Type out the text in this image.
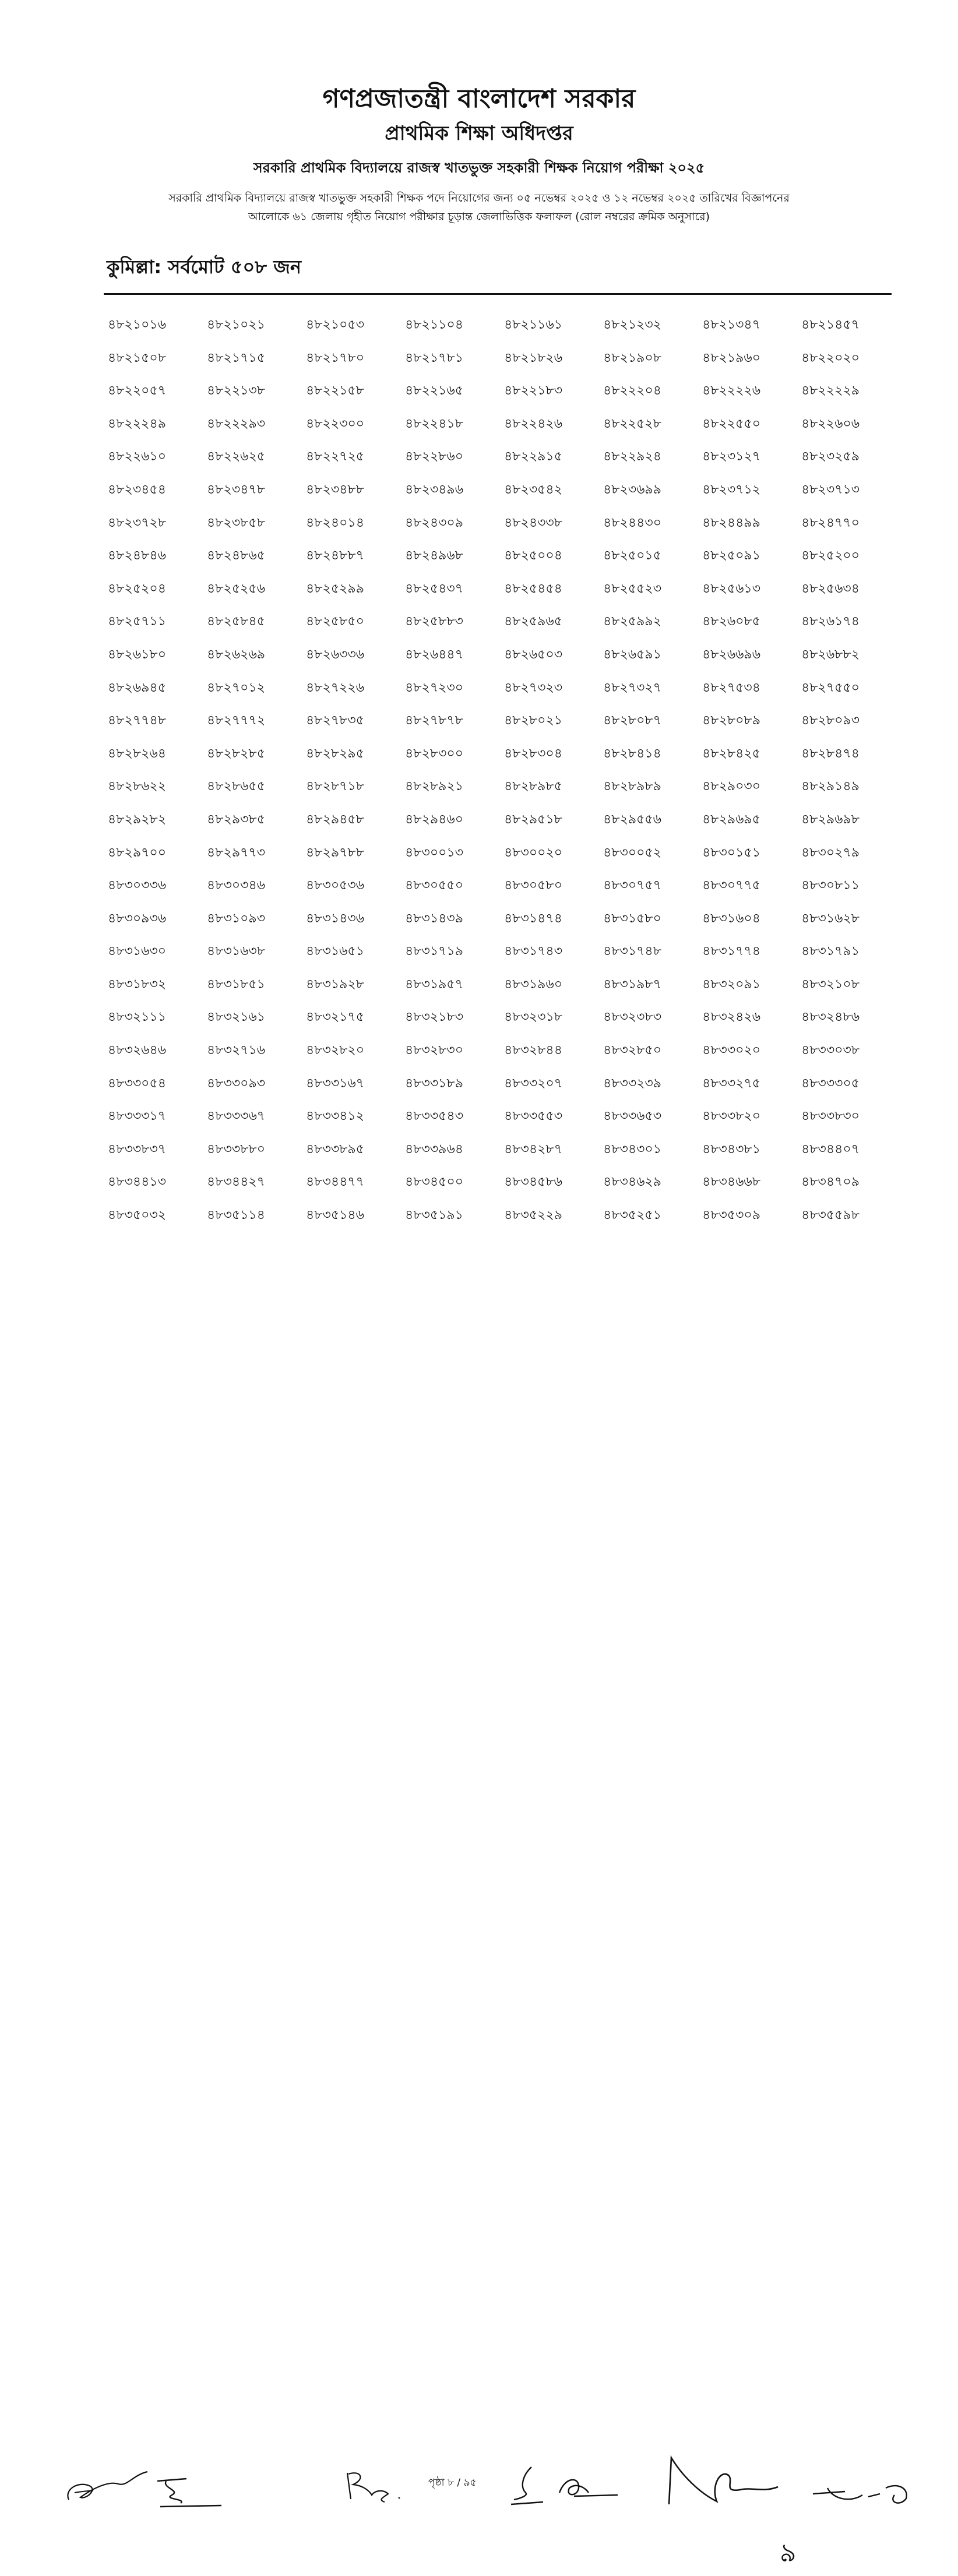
গণপ্রজাতন্ত্রী বাংলাদেশ সরকার
প্রাথমিক শিক্ষা অধিদপ্তর
সরকারি প্রাথমিক বিদ্যালয়ে রাজস্ব খাতভুক্ত সহকারী শিক্ষক নিয়োগ পরীক্ষা ২০২৫
সরকারি প্রাথমিক বিদ্যালয়ে রাজস্ব খাতভুক্ত সহকারী শিক্ষক পদে নিয়োগের জন্য ০৫ নভেম্বর ২০২৫ ও ১২ নভেম্বর ২০২৫ তারিখের বিজ্ঞাপনের
আলোকে ৬১ জেলায় গৃহীত নিয়োগ পরীক্ষার চূড়ান্ত জেলাভিত্তিক ফলাফল (রোল নম্বরের ক্রমিক অনুসারে)
কুমিল্লা: সর্বমোট ৫০৮ জন
৪৮২১০১৬	৪৮২১০২১	৪৮২১০৫৩	৪৮২১১০৪	৪৮২১১৬১	৪৮২১২৩২	৪৮২১৩৪৭	৪৮২১৪৫৭
৪৮২১৫০৮	৪৮২১৭১৫	৪৮২১৭৮০	৪৮২১৭৮১	৪৮২১৮২৬	৪৮২১৯০৮	৪৮২১৯৬০	৪৮২২০২০
৪৮২২০৫৭	৪৮২২১৩৮	৪৮২২১৫৮	৪৮২২১৬৫	৪৮২২১৮৩	৪৮২২২০৪	৪৮২২২২৬	৪৮২২২২৯
৪৮২২২৪৯	৪৮২২২৯৩	৪৮২২৩০০	৪৮২২৪১৮	৪৮২২৪২৬	৪৮২২৫২৮	৪৮২২৫৫০	৪৮২২৬০৬
৪৮২২৬১০	৪৮২২৬২৫	৪৮২২৭২৫	৪৮২২৮৬০	৪৮২২৯১৫	৪৮২২৯২৪	৪৮২৩১২৭	৪৮২৩২৫৯
৪৮২৩৪৫৪	৪৮২৩৪৭৮	৪৮২৩৪৮৮	৪৮২৩৪৯৬	৪৮২৩৫৪২	৪৮২৩৬৯৯	৪৮২৩৭১২	৪৮২৩৭১৩
৪৮২৩৭২৮	৪৮২৩৮৫৮	৪৮২৪০১৪	৪৮২৪৩০৯	৪৮২৪৩৩৮	৪৮২৪৪৩০	৪৮২৪৪৯৯	৪৮২৪৭৭০
৪৮২৪৮৪৬	৪৮২৪৮৬৫	৪৮২৪৮৮৭	৪৮২৪৯৬৮	৪৮২৫০০৪	৪৮২৫০১৫	৪৮২৫০৯১	৪৮২৫২০০
৪৮২৫২০৪	৪৮২৫২৫৬	৪৮২৫২৯৯	৪৮২৫৪৩৭	৪৮২৫৪৫৪	৪৮২৫৫২৩	৪৮২৫৬১৩	৪৮২৫৬৩৪
৪৮২৫৭১১	৪৮২৫৮৪৫	৪৮২৫৮৫০	৪৮২৫৮৮৩	৪৮২৫৯৬৫	৪৮২৫৯৯২	৪৮২৬০৮৫	৪৮২৬১৭৪
৪৮২৬১৮০	৪৮২৬২৬৯	৪৮২৬৩৩৬	৪৮২৬৪৪৭	৪৮২৬৫০৩	৪৮২৬৫৯১	৪৮২৬৬৯৬	৪৮২৬৮৮২
৪৮২৬৯৪৫	৪৮২৭০১২	৪৮২৭২২৬	৪৮২৭২৩০	৪৮২৭৩২৩	৪৮২৭৩২৭	৪৮২৭৫৩৪	৪৮২৭৫৫০
৪৮২৭৭৪৮	৪৮২৭৭৭২	৪৮২৭৮৩৫	৪৮২৭৮৭৮	৪৮২৮০২১	৪৮২৮০৮৭	৪৮২৮০৮৯	৪৮২৮০৯৩
৪৮২৮২৬৪	৪৮২৮২৮৫	৪৮২৮২৯৫	৪৮২৮৩০০	৪৮২৮৩০৪	৪৮২৮৪১৪	৪৮২৮৪২৫	৪৮২৮৪৭৪
৪৮২৮৬২২	৪৮২৮৬৫৫	৪৮২৮৭১৮	৪৮২৮৯২১	৪৮২৮৯৮৫	৪৮২৮৯৮৯	৪৮২৯০৩০	৪৮২৯১৪৯
৪৮২৯২৮২	৪৮২৯৩৮৫	৪৮২৯৪৫৮	৪৮২৯৪৬০	৪৮২৯৫১৮	৪৮২৯৫৫৬	৪৮২৯৬৯৫	৪৮২৯৬৯৮
৪৮২৯৭০০	৪৮২৯৭৭৩	৪৮২৯৭৮৮	৪৮৩০০১৩	৪৮৩০০২০	৪৮৩০০৫২	৪৮৩০১৫১	৪৮৩০২৭৯
৪৮৩০৩৩৬	৪৮৩০৩৪৬	৪৮৩০৫৩৬	৪৮৩০৫৫০	৪৮৩০৫৮০	৪৮৩০৭৫৭	৪৮৩০৭৭৫	৪৮৩০৮১১
৪৮৩০৯৩৬	৪৮৩১০৯৩	৪৮৩১৪৩৬	৪৮৩১৪৩৯	৪৮৩১৪৭৪	৪৮৩১৫৮০	৪৮৩১৬০৪	৪৮৩১৬২৮
৪৮৩১৬৩০	৪৮৩১৬৩৮	৪৮৩১৬৫১	৪৮৩১৭১৯	৪৮৩১৭৪৩	৪৮৩১৭৪৮	৪৮৩১৭৭৪	৪৮৩১৭৯১
৪৮৩১৮৩২	৪৮৩১৮৫১	৪৮৩১৯২৮	৪৮৩১৯৫৭	৪৮৩১৯৬০	৪৮৩১৯৮৭	৪৮৩২০৯১	৪৮৩২১০৮
৪৮৩২১১১	৪৮৩২১৬১	৪৮৩২১৭৫	৪৮৩২১৮৩	৪৮৩২৩১৮	৪৮৩২৩৮৩	৪৮৩২৪২৬	৪৮৩২৪৮৬
৪৮৩২৬৪৬	৪৮৩২৭১৬	৪৮৩২৮২০	৪৮৩২৮৩০	৪৮৩২৮৪৪	৪৮৩২৮৫০	৪৮৩৩০২০	৪৮৩৩০৩৮
৪৮৩৩০৫৪	৪৮৩৩০৯৩	৪৮৩৩১৬৭	৪৮৩৩১৮৯	৪৮৩৩২০৭	৪৮৩৩২৩৯	৪৮৩৩২৭৫	৪৮৩৩৩০৫
৪৮৩৩৩১৭	৪৮৩৩৩৬৭	৪৮৩৩৪১২	৪৮৩৩৫৪৩	৪৮৩৩৫৫৩	৪৮৩৩৬৫৩	৪৮৩৩৮২০	৪৮৩৩৮৩০
৪৮৩৩৮৩৭	৪৮৩৩৮৮০	৪৮৩৩৮৯৫	৪৮৩৩৯৬৪	৪৮৩৪২৮৭	৪৮৩৪৩০১	৪৮৩৪৩৮১	৪৮৩৪৪০৭
৪৮৩৪৪১৩	৪৮৩৪৪২৭	৪৮৩৪৪৭৭	৪৮৩৪৫০০	৪৮৩৪৫৮৬	৪৮৩৪৬২৯	৪৮৩৪৬৬৮	৪৮৩৪৭০৯
৪৮৩৫০৩২	৪৮৩৫১১৪	৪৮৩৫১৪৬	৪৮৩৫১৯১	৪৮৩৫২২৯	৪৮৩৫২৫১	৪৮৩৫৩০৯	৪৮৩৫৫৯৮
পৃষ্ঠা ৮ / ৯৫
৯
